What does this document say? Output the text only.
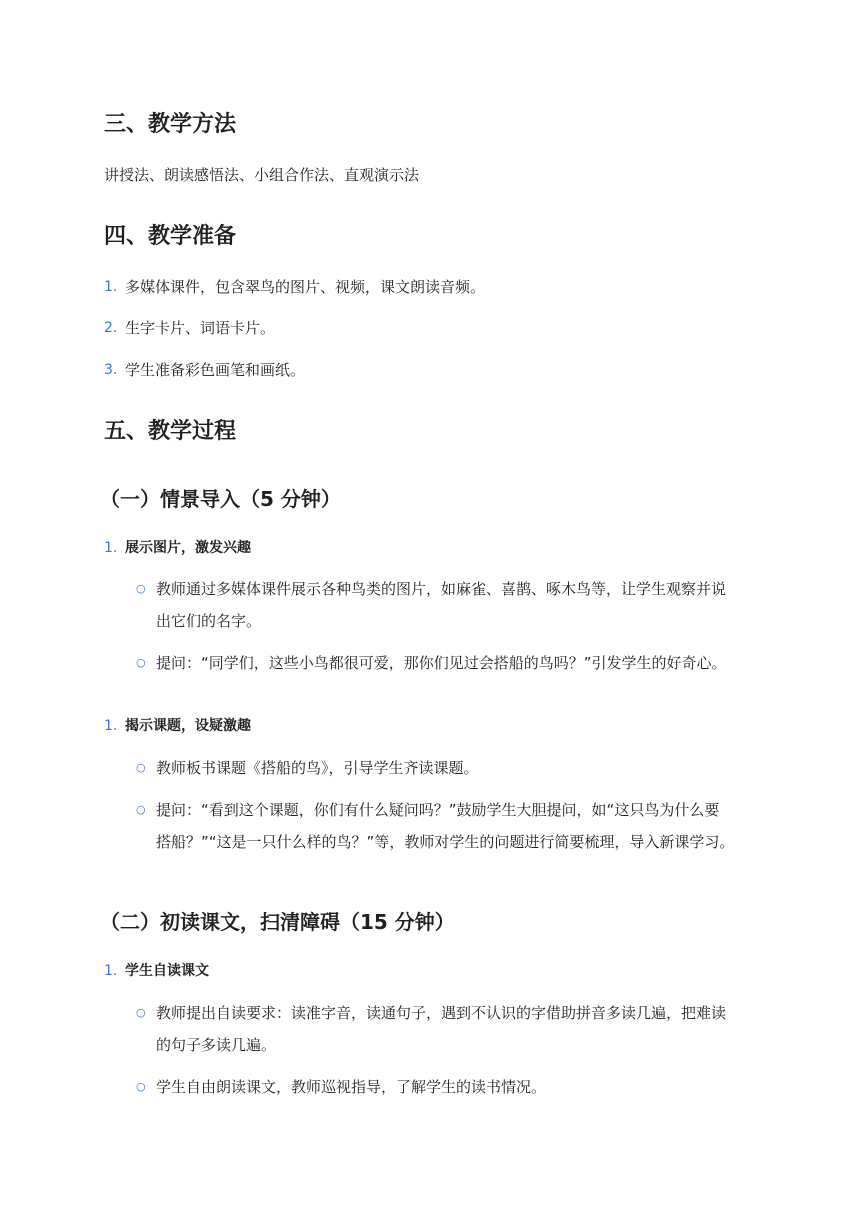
三、教学方法
讲授法、朗读感悟法、小组合作法、直观演示法
四、教学准备
1. 多媒体课件，包含翠鸟的图片、视频，课文朗读音频。
2. 生字卡片、词语卡片。
3. 学生准备彩色画笔和画纸。
五、教学过程
（一）情景导入（5 分钟）
1. 展示图片，激发兴趣
○ 教师通过多媒体课件展示各种鸟类的图片，如麻雀、喜鹊、啄木鸟等，让学生观察并说
出它们的名字。
○ 提问：“同学们，这些小鸟都很可爱，那你们见过会搭船的鸟吗？”引发学生的好奇心。
1. 揭示课题，设疑激趣
○ 教师板书课题《搭船的鸟》，引导学生齐读课题。
○ 提问：“看到这个课题，你们有什么疑问吗？”鼓励学生大胆提问，如“这只鸟为什么要
搭船？”“这是一只什么样的鸟？”等，教师对学生的问题进行简要梳理，导入新课学习。
（二）初读课文，扫清障碍（15 分钟）
1. 学生自读课文
○ 教师提出自读要求：读准字音，读通句子，遇到不认识的字借助拼音多读几遍，把难读
的句子多读几遍。
○ 学生自由朗读课文，教师巡视指导，了解学生的读书情况。
